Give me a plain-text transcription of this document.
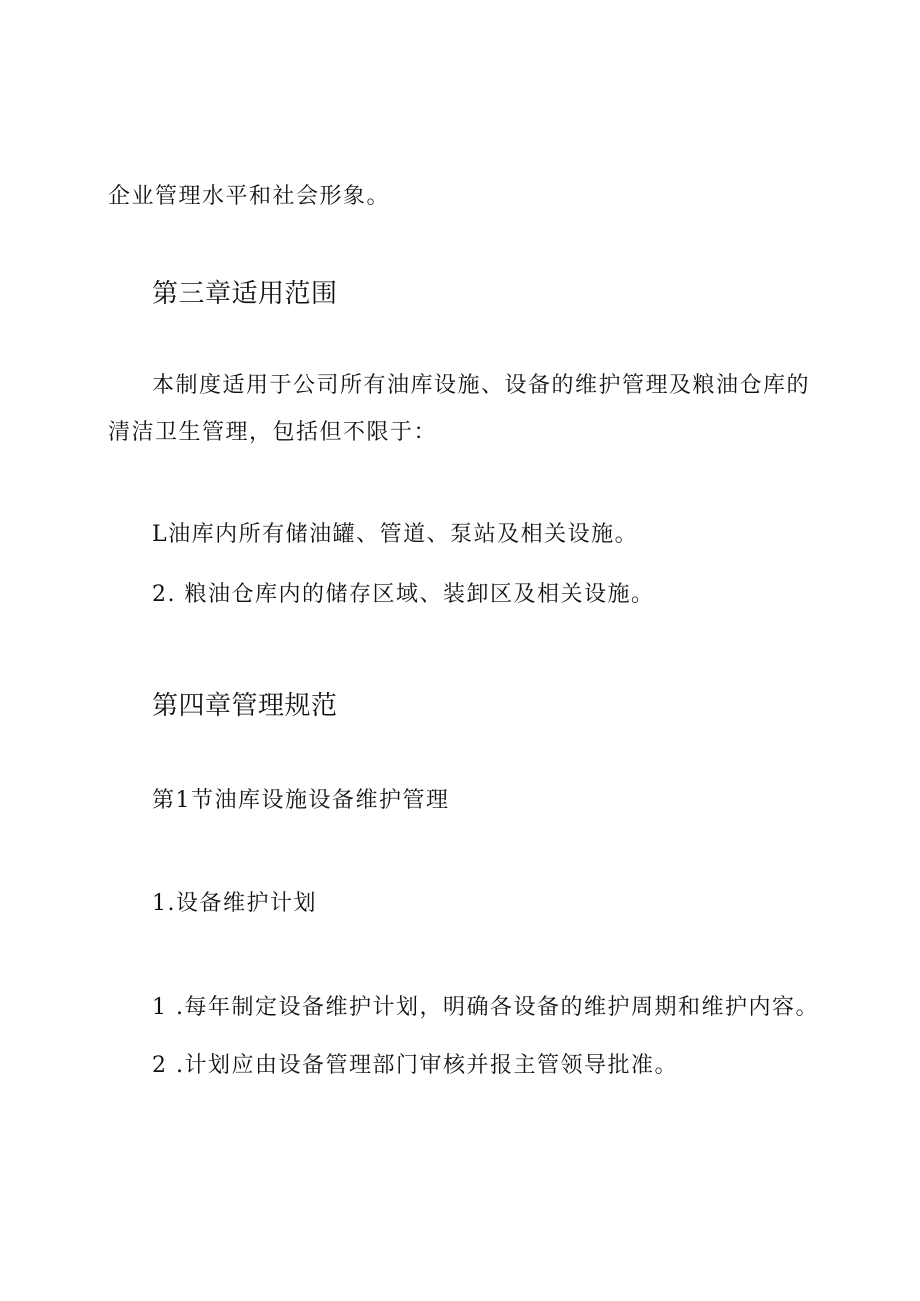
企业管理水平和社会形象。
第三章适用范围
本制度适用于公司所有油库设施、设备的维护管理及粮油仓库的
清洁卫生管理，包括但不限于：
L油库内所有储油罐、管道、泵站及相关设施。
2. 粮油仓库内的储存区域、装卸区及相关设施。
第四章管理规范
第1节油库设施设备维护管理
1.设备维护计划
1 .每年制定设备维护计划，明确各设备的维护周期和维护内容。
2 .计划应由设备管理部门审核并报主管领导批准。
